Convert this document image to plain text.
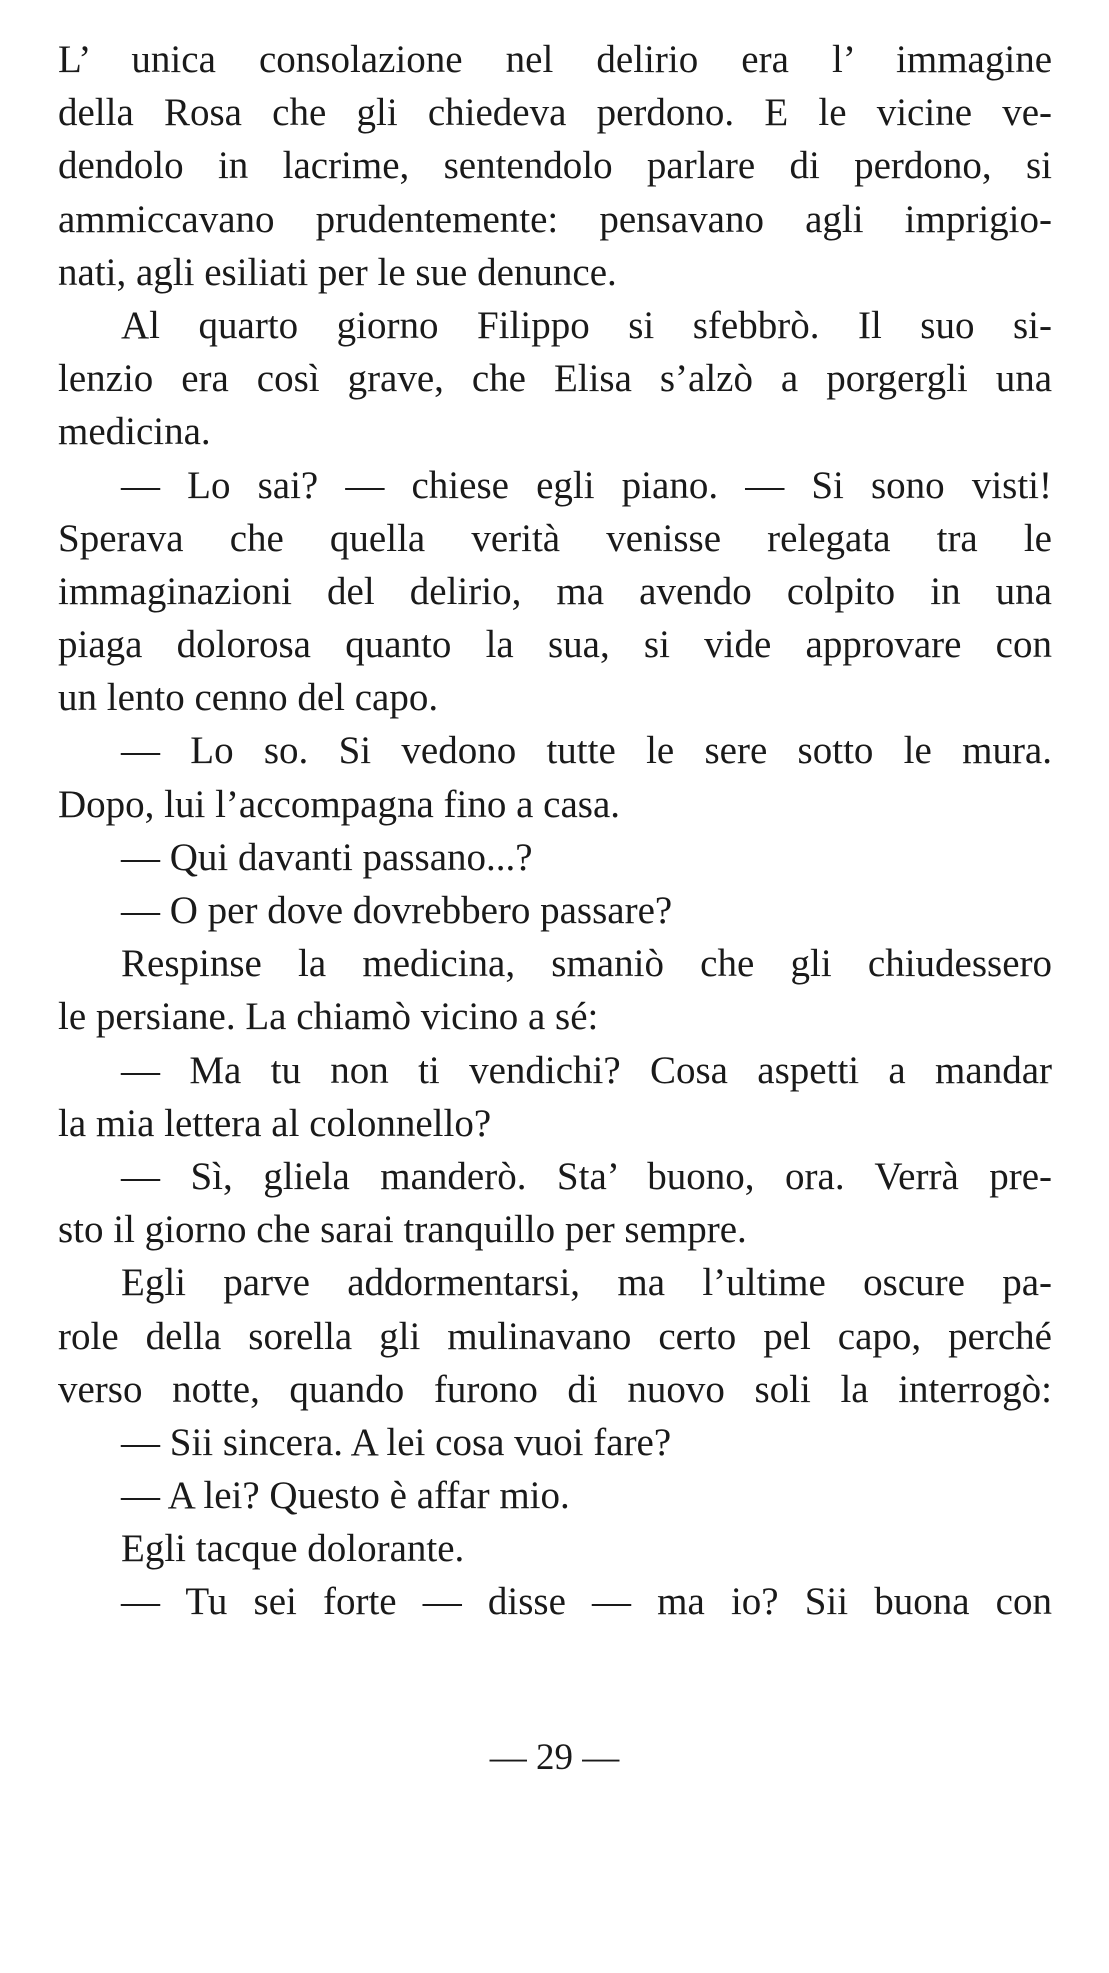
L’ unica consolazione nel delirio era l’ immagine
della Rosa che gli chiedeva perdono. E le vicine ve-
dendolo in lacrime, sentendolo parlare di perdono, si
ammiccavano prudentemente: pensavano agli imprigio-
nati, agli esiliati per le sue denunce.
Al quarto giorno Filippo si sfebbrò. Il suo si-
lenzio era così grave, che Elisa s’alzò a porgergli una
medicina.
— Lo sai? — chiese egli piano. — Si sono visti!
Sperava che quella verità venisse relegata tra le
immaginazioni del delirio, ma avendo colpito in una
piaga dolorosa quanto la sua, si vide approvare con
un lento cenno del capo.
— Lo so. Si vedono tutte le sere sotto le mura.
Dopo, lui l’accompagna fino a casa.
— Qui davanti passano...?
— O per dove dovrebbero passare?
Respinse la medicina, smaniò che gli chiudessero
le persiane. La chiamò vicino a sé:
— Ma tu non ti vendichi? Cosa aspetti a mandar
la mia lettera al colonnello?
— Sì, gliela manderò. Sta’ buono, ora. Verrà pre-
sto il giorno che sarai tranquillo per sempre.
Egli parve addormentarsi, ma l’ultime oscure pa-
role della sorella gli mulinavano certo pel capo, perché
verso notte, quando furono di nuovo soli la interrogò:
— Sii sincera. A lei cosa vuoi fare?
— A lei? Questo è affar mio.
Egli tacque dolorante.
— Tu sei forte — disse — ma io? Sii buona con
— 29 —
